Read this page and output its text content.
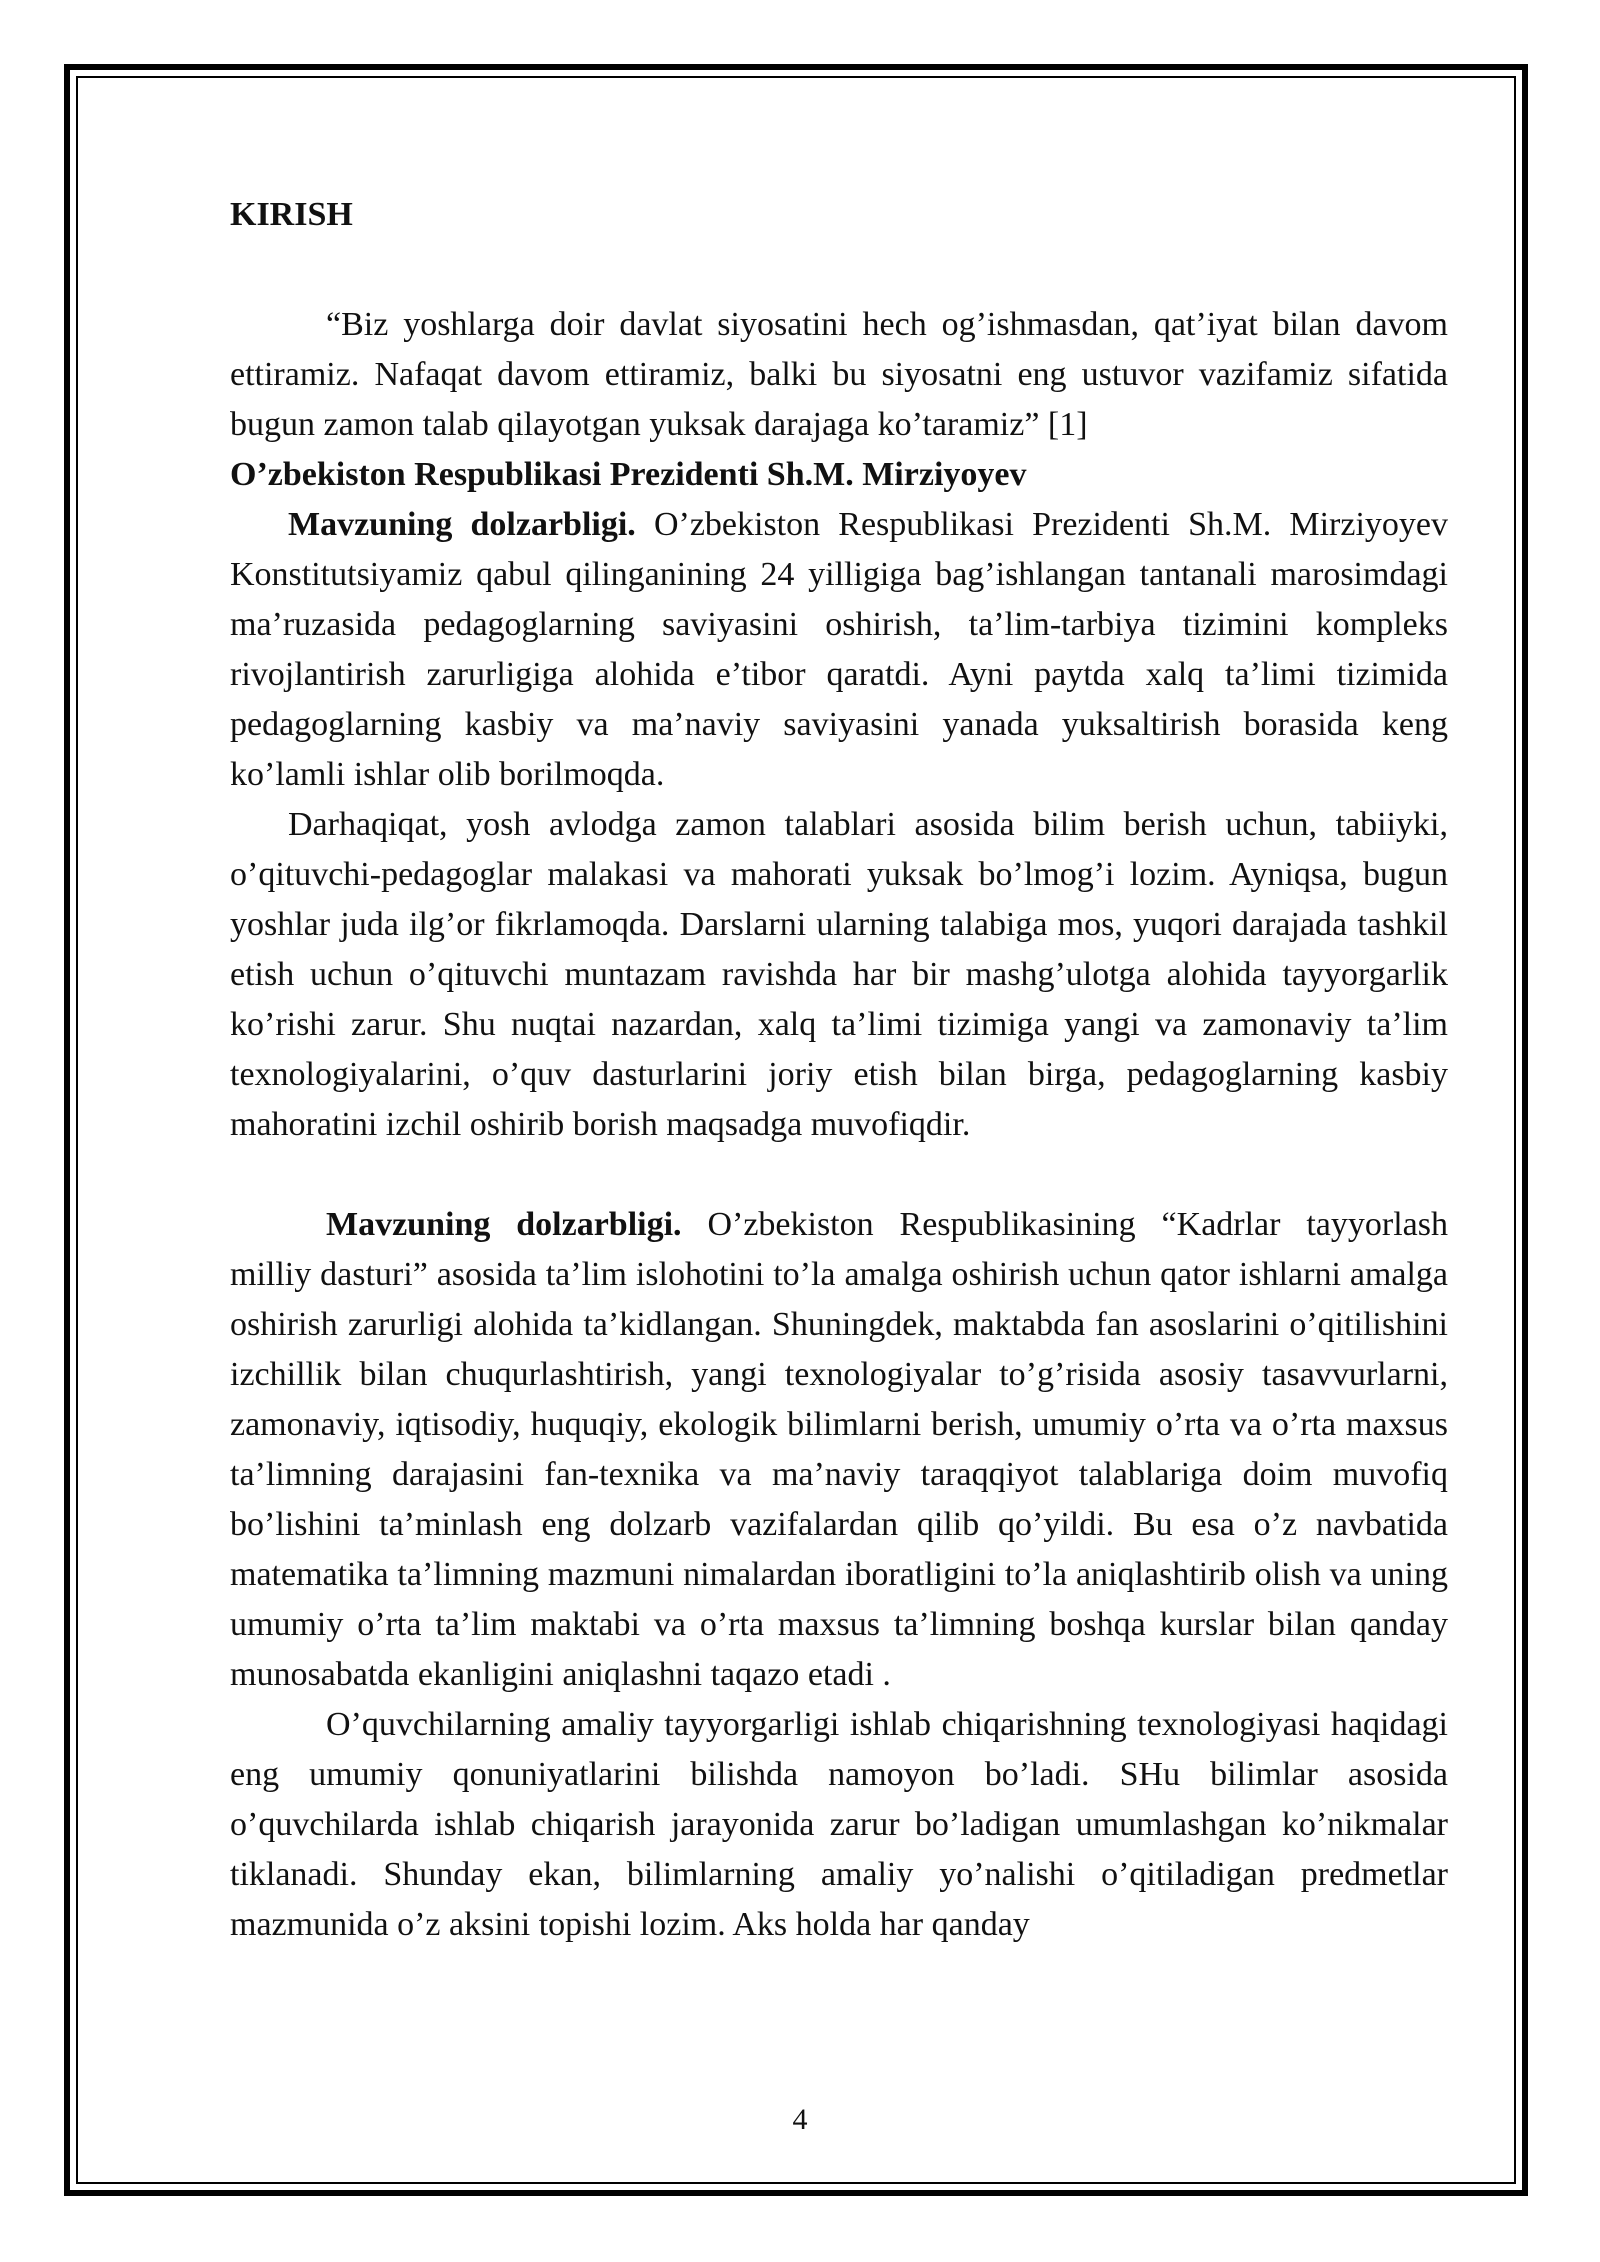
KIRISH

“Biz yoshlarga doir davlat siyosatini hech og’ishmasdan, qat’iyat bilan davom ettiramiz. Nafaqat davom ettiramiz, balki bu siyosatni eng ustuvor vazifamiz sifatida bugun zamon talab qilayotgan yuksak darajaga ko’taramiz” [1]

O’zbekiston Respublikasi Prezidenti Sh.M. Mirziyoyev

Mavzuning dolzarbligi. O’zbekiston Respublikasi Prezidenti Sh.M. Mirziyoyev Konstitutsiyamiz qabul qilinganining 24 yilligiga bag’ishlangan tantanali marosimdagi ma’ruzasida pedagoglarning saviyasini oshirish, ta’lim-tarbiya tizimini kompleks rivojlantirish zarurligiga alohida e’tibor qaratdi. Ayni paytda xalq ta’limi tizimida pedagoglarning kasbiy va ma’naviy saviyasini yanada yuksaltirish borasida keng ko’lamli ishlar olib borilmoqda.

Darhaqiqat, yosh avlodga zamon talablari asosida bilim berish uchun, tabiiyki, o’qituvchi-pedagoglar malakasi va mahorati yuksak bo’lmog’i lozim. Ayniqsa, bugun yoshlar juda ilg’or fikrlamoqda. Darslarni ularning talabiga mos, yuqori darajada tashkil etish uchun o’qituvchi muntazam ravishda har bir mashg’ulotga alohida tayyorgarlik ko’rishi zarur. Shu nuqtai nazardan, xalq ta’limi tizimiga yangi va zamonaviy ta’lim texnologiyalarini, o’quv dasturlarini joriy etish bilan birga, pedagoglarning kasbiy mahoratini izchil oshirib borish maqsadga muvofiqdir.

Mavzuning dolzarbligi. O’zbekiston Respublikasining “Kadrlar tayyorlash milliy dasturi” asosida ta’lim islohotini to’la amalga oshirish uchun qator ishlarni amalga oshirish zarurligi alohida ta’kidlangan. Shuningdek, maktabda fan asoslarini o’qitilishini izchillik bilan chuqurlashtirish, yangi texnologiyalar to’g’risida asosiy tasavvurlarni, zamonaviy, iqtisodiy, huquqiy, ekologik bilimlarni berish, umumiy o’rta va o’rta maxsus ta’limning darajasini fan-texnika va ma’naviy taraqqiyot talablariga doim muvofiq bo’lishini ta’minlash eng dolzarb vazifalardan qilib qo’yildi. Bu esa o’z navbatida matematika ta’limning mazmuni nimalardan iboratligini to’la aniqlashtirib olish va uning umumiy o’rta ta’lim maktabi va o’rta maxsus ta’limning boshqa kurslar bilan qanday munosabatda ekanligini aniqlashni taqazo etadi .

O’quvchilarning amaliy tayyorgarligi ishlab chiqarishning texnologiyasi haqidagi eng umumiy qonuniyatlarini bilishda namoyon bo’ladi. SHu bilimlar asosida o’quvchilarda ishlab chiqarish jarayonida zarur bo’ladigan umumlashgan ko’nikmalar tiklanadi. Shunday ekan, bilimlarning amaliy yo’nalishi o’qitiladigan predmetlar mazmunida o’z aksini topishi lozim. Aks holda har qanday

4
